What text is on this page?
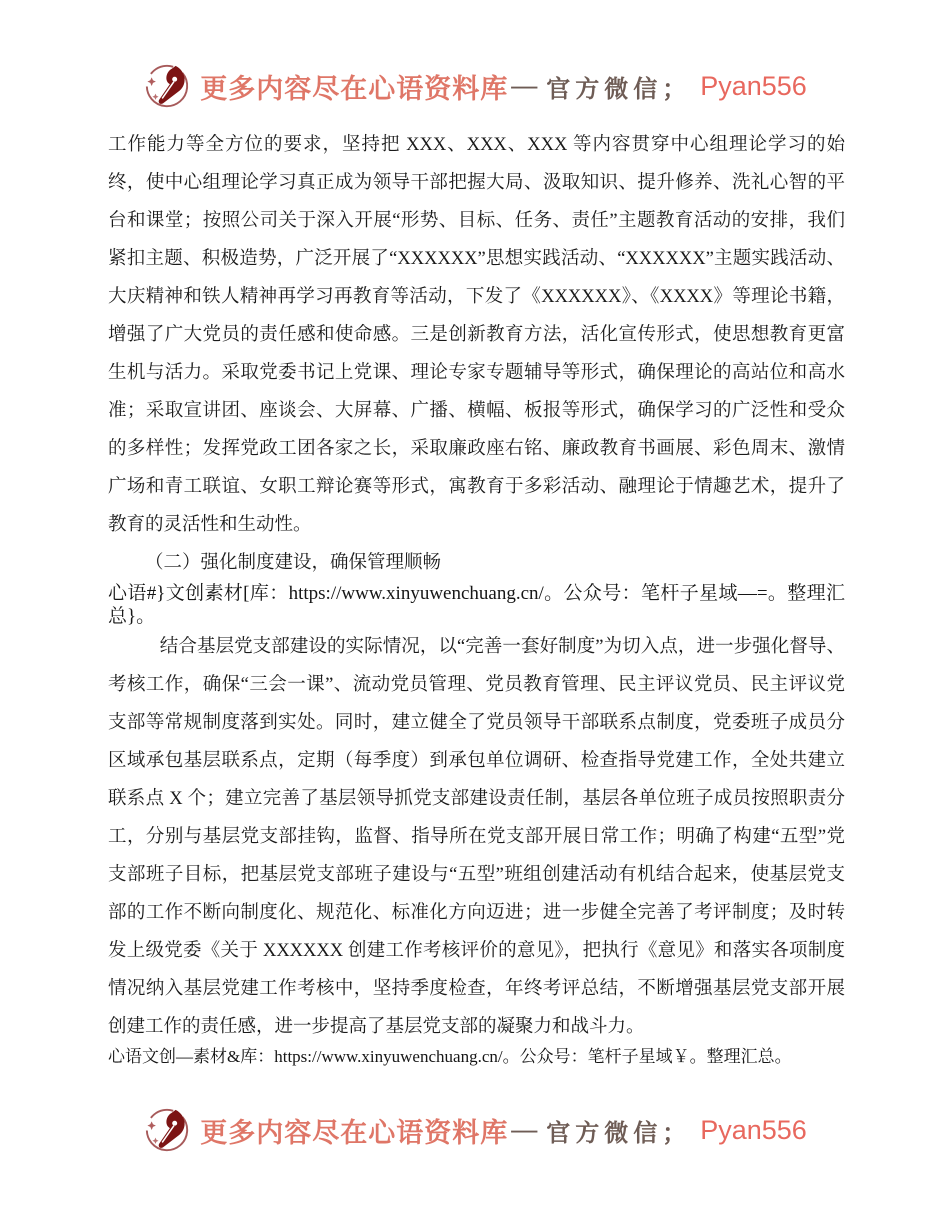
更多内容尽在心语资料库 — 官方微信； Pyan556

工作能力等全方位的要求，坚持把 XXX、XXX、XXX 等内容贯穿中心组理论学习的始终，使中心组理论学习真正成为领导干部把握大局、汲取知识、提升修养、洗礼心智的平台和课堂；按照公司关于深入开展“形势、目标、任务、责任”主题教育活动的安排，我们紧扣主题、积极造势，广泛开展了“XXXXXX”思想实践活动、“XXXXXX”主题实践活动、大庆精神和铁人精神再学习再教育等活动，下发了《XXXXXX》、《XXXX》等理论书籍，增强了广大党员的责任感和使命感。三是创新教育方法，活化宣传形式，使思想教育更富生机与活力。采取党委书记上党课、理论专家专题辅导等形式，确保理论的高站位和高水准；采取宣讲团、座谈会、大屏幕、广播、横幅、板报等形式，确保学习的广泛性和受众的多样性；发挥党政工团各家之长，采取廉政座右铭、廉政教育书画展、彩色周末、激情广场和青工联谊、女职工辩论赛等形式，寓教育于多彩活动、融理论于情趣艺术，提升了教育的灵活性和生动性。

（二）强化制度建设，确保管理顺畅

心语#}文创素材[库：https://www.xinyuwenchuang.cn/。公众号：笔杆子星域—=。整理汇总}。

结合基层党支部建设的实际情况，以“完善一套好制度”为切入点，进一步强化督导、考核工作，确保“三会一课”、流动党员管理、党员教育管理、民主评议党员、民主评议党支部等常规制度落到实处。同时，建立健全了党员领导干部联系点制度，党委班子成员分区域承包基层联系点，定期（每季度）到承包单位调研、检查指导党建工作，全处共建立联系点 X 个；建立完善了基层领导抓党支部建设责任制，基层各单位班子成员按照职责分工，分别与基层党支部挂钩，监督、指导所在党支部开展日常工作；明确了构建“五型”党支部班子目标，把基层党支部班子建设与“五型”班组创建活动有机结合起来，使基层党支部的工作不断向制度化、规范化、标准化方向迈进；进一步健全完善了考评制度；及时转发上级党委《关于 XXXXXX 创建工作考核评价的意见》，把执行《意见》和落实各项制度情况纳入基层党建工作考核中，坚持季度检查，年终考评总结，不断增强基层党支部开展创建工作的责任感，进一步提高了基层党支部的凝聚力和战斗力。

心语文创—素材&库：https://www.xinyuwenchuang.cn/。公众号：笔杆子星域￥。整理汇总。

更多内容尽在心语资料库 — 官方微信； Pyan556
